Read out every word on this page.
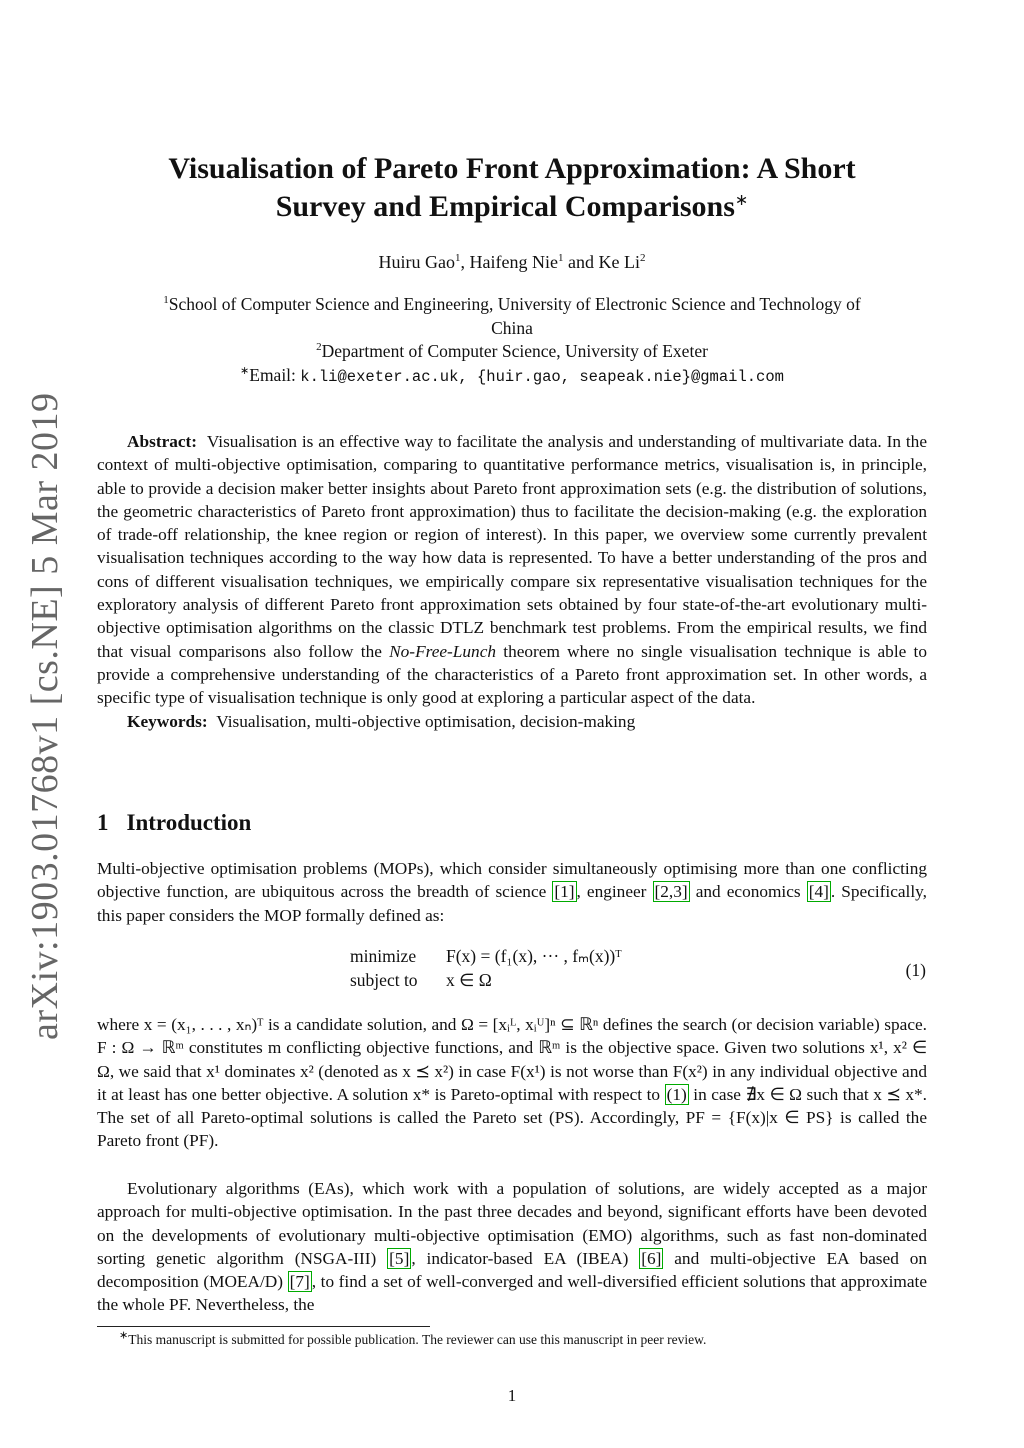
arXiv:1903.01768v1 [cs.NE] 5 Mar 2019
Visualisation of Pareto Front Approximation: A Short
Survey and Empirical Comparisons∗
Huiru Gao$^1$, Haifeng Nie$^1$ and Ke Li$^2$
$^1$School of Computer Science and Engineering, University of Electronic Science and Technology of
China
$^2$Department of Computer Science, University of Exeter
∗Email: k.li@exeter.ac.uk, {huir.gao, seapeak.nie}@gmail.com

Abstract: Visualisation is an effective way to facilitate the analysis and understanding of multivariate data. In the context of multi-objective optimisation, comparing to quantitative performance metrics, visualisation is, in principle, able to provide a decision maker better insights about Pareto front approximation sets (e.g. the distribution of solutions, the geometric characteristics of Pareto front approximation) thus to facilitate the decision-making (e.g. the exploration of trade-off relationship, the knee region or region of interest). In this paper, we overview some currently prevalent visualisation techniques according to the way how data is represented. To have a better understanding of the pros and cons of different visualisation techniques, we empirically compare six representative visualisation techniques for the exploratory analysis of different Pareto front approximation sets obtained by four state-of-the-art evolutionary multi-objective optimisation algorithms on the classic DTLZ benchmark test problems. From the empirical results, we find that visual comparisons also follow the No-Free-Lunch theorem where no single visualisation technique is able to provide a comprehensive understanding of the characteristics of a Pareto front approximation set. In other words, a specific type of visualisation technique is only good at exploring a particular aspect of the data.

Keywords: Visualisation, multi-objective optimisation, decision-making

1 Introduction

Multi-objective optimisation problems (MOPs), which consider simultaneously optimising more than one conflicting objective function, are ubiquitous across the breadth of science [1] , engineer [2,3] and economics [4] . Specifically, this paper considers the MOP formally defined as:

minimize F(x) = (f₁(x), ··· , fₘ(x))ᵀ
subject to x ∈ Ω	(1)

where x = (x₁, . . . , xₙ)ᵀ is a candidate solution, and Ω = [xᵢᴸ, xᵢᵁ]ⁿ ⊆ ℝⁿ defines the search (or decision variable) space. F : Ω → ℝᵐ constitutes m conflicting objective functions, and ℝᵐ is the objective space. Given two solutions x¹, x² ∈ Ω, we said that x¹ dominates x² (denoted as x ⪯ x²) in case F(x¹) is not worse than F(x²) in any individual objective and it at least has one better objective. A solution x* is Pareto-optimal with respect to (1) in case ∄x ∈ Ω such that x ⪯ x*. The set of all Pareto-optimal solutions is called the Pareto set (PS). Accordingly, PF = {F(x)|x ∈ PS} is called the Pareto front (PF).

Evolutionary algorithms (EAs), which work with a population of solutions, are widely accepted as a major approach for multi-objective optimisation. In the past three decades and beyond, significant efforts have been devoted on the developments of evolutionary multi-objective optimisation (EMO) algorithms, such as fast non-dominated sorting genetic algorithm (NSGA-III) [5] , indicator-based EA (IBEA) [6] and multi-objective EA based on decomposition (MOEA/D) [7] , to find a set of well-converged and well-diversified efficient solutions that approximate the whole PF. Nevertheless, the

∗This manuscript is submitted for possible publication. The reviewer can use this manuscript in peer review.
1
